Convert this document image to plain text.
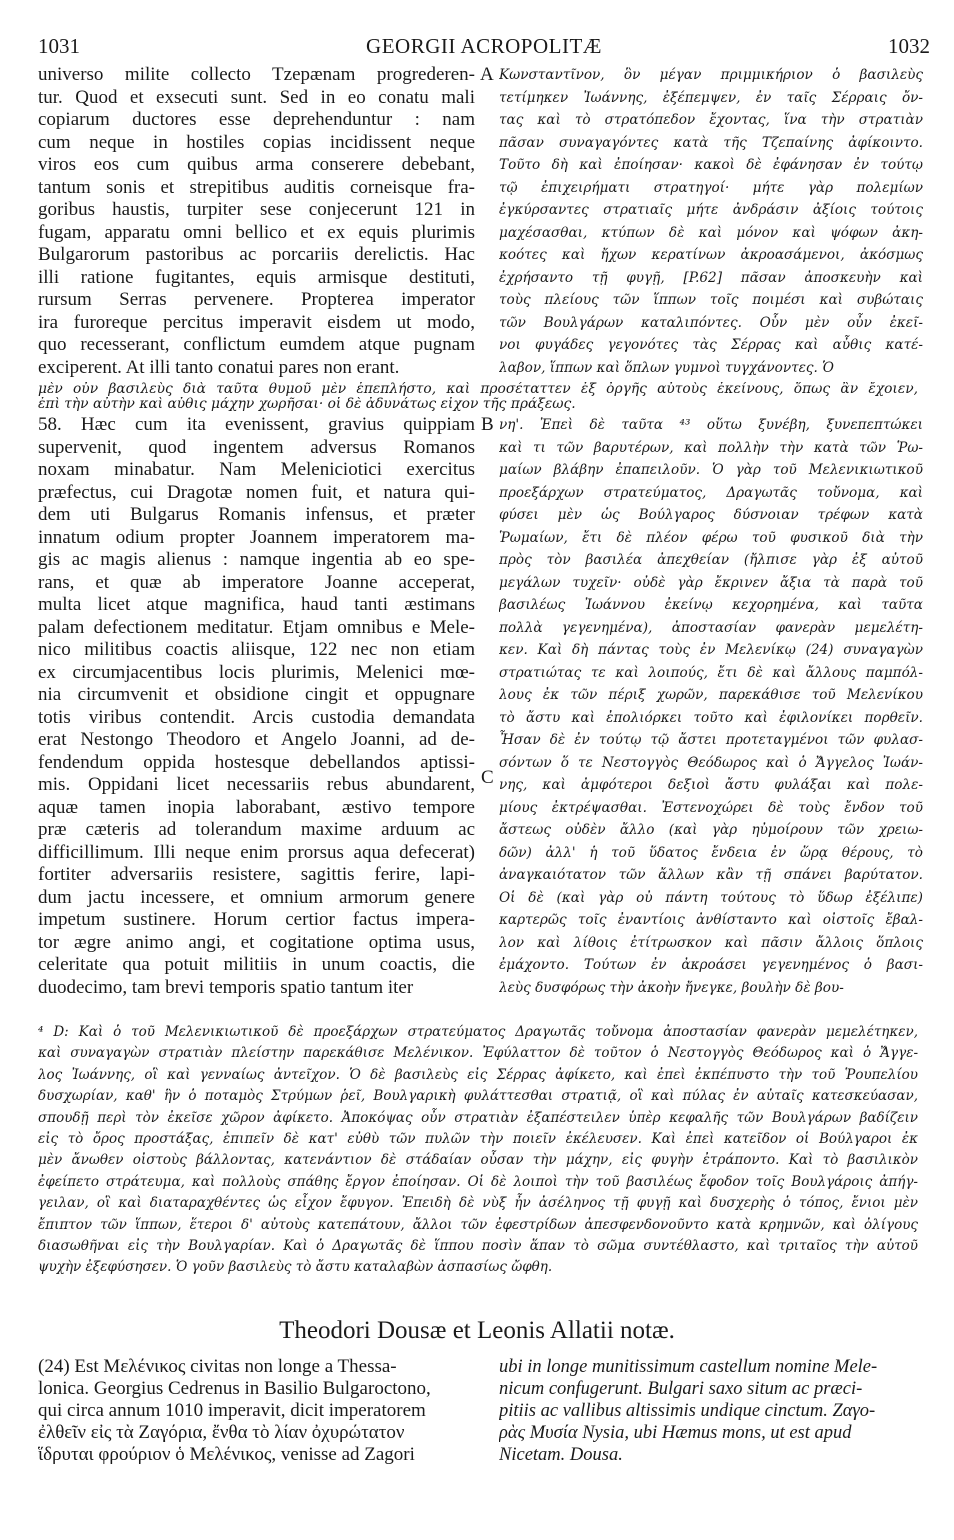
1031	GEORGII ACROPOLITÆ	1032
universo milite collecto Tzepænam progrederen-
tur. Quod et exsecuti sunt. Sed in eo conatu mali
copiarum ductores esse deprehenduntur : nam
cum neque in hostiles copias incidissent neque
viros eos cum quibus arma conserere debebant,
tantum sonis et strepitibus auditis corneisque fra-
goribus haustis, turpiter sese conjecerunt 121 in
fugam, apparatu omni bellico et ex equis plurimis
Bulgarorum pastoribus ac porcariis derelictis. Hac
illi ratione fugitantes, equis armisque destituti,
rursum Serras pervenere. Propterea imperator
ira furoreque percitus imperavit eisdem ut modo,
quo recesserant, conflictum eumdem atque pugnam
exciperent. At illi tanto conatui pares non erant.
Κωνσταντῖνον, ὃν μέγαν πριμμικήριον ὁ βασιλεὺς
τετίμηκεν Ἰωάννης, ἐξέπεμψεν, ἐν ταῖς Σέρραις ὄν-
τας καὶ τὸ στρατόπεδον ἔχοντας, ἵνα τὴν στρατιὰν
πᾶσαν συναγαγόντες κατὰ τῆς Τζεπαίνης ἀφίκοιντο.
Τοῦτο δὴ καὶ ἐποίησαν· κακοὶ δὲ ἐφάνησαν ἐν τούτῳ
τῷ ἐπιχειρήματι στρατηγοί· μήτε γὰρ πολεμίων
ἐγκύρσαντες στρατιαῖς μήτε ἀνδράσιν ἀξίοις τούτοις
μαχέσασθαι, κτύπων δὲ καὶ μόνον καὶ ψόφων ἀκη-
κοότες καὶ ἤχων κερατίνων ἀκροασάμενοι, ἀκόσμως
ἐχρήσαντο τῇ φυγῇ, [P.62] πᾶσαν ἀποσκευὴν καὶ
τοὺς πλείους τῶν ἵππων τοῖς ποιμέσι καὶ συβώταις
τῶν Βουλγάρων καταλιπόντες. Οὗν μὲν οὖν ἐκεῖ-
νοι φυγάδες γεγονότες τὰς Σέρρας καὶ αὖθις κατέ-
λαβον, ἵππων καὶ ὅπλων γυμνοὶ τυγχάνοντες. Ὁ
A
μὲν οὖν βασιλεὺς διὰ ταῦτα θυμοῦ μὲν ἐπεπλήστο, καὶ προσέταττεν ἐξ ὀργῆς αὐτοὺς ἐκείνους, ὅπως ἂν ἔχοιεν,
ἐπὶ τὴν αὐτὴν καὶ αὖθις μάχην χωρῆσαι· οἱ δὲ ἀδυνάτως εἶχον τῆς πράξεως.
58. Hæc cum ita evenissent, gravius quippiam
supervenit, quod ingentem adversus Romanos
noxam minabatur. Nam Meleniciotici exercitus
præfectus, cui Dragotæ nomen fuit, et natura qui-
dem uti Bulgarus Romanis infensus, et præter
innatum odium propter Joannem imperatorem ma-
gis ac magis alienus : namque ingentia ab eo spe-
rans, et quæ ab imperatore Joanne acceperat,
multa licet atque magnifica, haud tanti æstimans
palam defectionem meditatur. Etjam omnibus e Mele-
nico militibus coactis aliisque, 122 nec non etiam
ex circumjacentibus locis plurimis, Melenici mœ-
nia circumvenit et obsidione cingit et oppugnare
totis viribus contendit. Arcis custodia demandata
erat Nestongo Theodoro et Angelo Joanni, ad de-
fendendum oppida hostesque debellandos aptissi-
mis. Oppidani licet necessariis rebus abundarent,
aquæ tamen inopia laborabant, æstivo tempore
præ cæteris ad tolerandum maxime arduum ac
difficillimum. Illi neque enim prorsus aqua defecerat)
fortiter adversariis resistere, sagittis ferire, lapi-
dum jactu incessere, et omnium armorum genere
impetum sustinere. Horum certior factus impera-
tor ægre animo angi, et cogitatione optima usus,
celeritate qua potuit militiis in unum coactis, die
duodecimo, tam brevi temporis spatio tantum iter
νη'. Ἐπεὶ δὲ ταῦτα ⁴³ οὕτω ξυνέβη, ξυνεπεπτώκει
καὶ τι τῶν βαρυτέρων, καὶ πολλὴν τὴν κατὰ τῶν Ῥω-
μαίων βλάβην ἐπαπειλοῦν. Ὁ γὰρ τοῦ Μελενικιωτικοῦ
προεξάρχων στρατεύματος, Δραγωτᾶς τοὔνομα, καὶ
φύσει μὲν ὡς Βούλγαρος δύσνοιαν τρέφων κατὰ
Ῥωμαίων, ἔτι δὲ πλέον φέρω τοῦ φυσικοῦ διὰ τὴν
πρὸς τὸν βασιλέα ἀπεχθείαν (ἤλπισε γὰρ ἐξ αὐτοῦ
μεγάλων τυχεῖν· οὐδὲ γὰρ ἔκρινεν ἄξια τὰ παρὰ τοῦ
βασιλέως Ἰωάννου ἐκείνῳ κεχορημένα, καὶ ταῦτα
πολλὰ γεγενημένα), ἀποστασίαν φανερὰν μεμελέτη-
κεν. Καὶ δὴ πάντας τοὺς ἐν Μελενίκῳ (24) συναγαγὼν
στρατιώτας τε καὶ λοιπούς, ἔτι δὲ καὶ ἄλλους παμπόλ-
λους ἐκ τῶν πέριξ χωρῶν, παρεκάθισε τοῦ Μελενίκου
τὸ ἄστυ καὶ ἐπολιόρκει τοῦτο καὶ ἐφιλονίκει πορθεῖν.
Ἦσαν δὲ ἐν τούτῳ τῷ ἄστει προτεταγμένοι τῶν φυλασ-
σόντων ὅ τε Νεστογγὸς Θεόδωρος καὶ ὁ Ἄγγελος Ἰωάν-
νης, καὶ ἀμφότεροι δεξιοὶ ἄστυ φυλάξαι καὶ πολε-
μίους ἐκτρέψασθαι. Ἐστενοχώρει δὲ τοὺς ἔνδον τοῦ
ἄστεως οὐδὲν ἄλλο (καὶ γὰρ ηὐμοίρουν τῶν χρειω-
δῶν) ἀλλ' ἡ τοῦ ὕδατος ἔνδεια ἐν ὥρᾳ θέρους, τὸ
ἀναγκαιότατον τῶν ἄλλων κἂν τῇ σπάνει βαρύτατον.
Οἱ δὲ (καὶ γὰρ οὐ πάντη τούτους τὸ ὕδωρ ἐξέλιπε)
καρτερῶς τοῖς ἐναντίοις ἀνθίσταντο καὶ οἰστοῖς ἔβαλ-
λον καὶ λίθοις ἐτίτρωσκον καὶ πᾶσιν ἄλλοις ὅπλοις
ἐμάχοντο. Τούτων ἐν ἀκροάσει γεγενημένος ὁ βασι-
λεὺς δυσφόρως τὴν ἀκοὴν ἤνεγκε, βουλὴν δὲ βου-
B
C
⁴ D: Καὶ ὁ τοῦ Μελενικιωτικοῦ δὲ προεξάρχων στρατεύματος Δραγωτᾶς τοὔνομα ἀποστασίαν φανερὰν μεμελέτηκεν,
καὶ συναγαγὼν στρατιὰν πλείστην παρεκάθισε Μελένικον. Ἐφύλαττον δὲ τοῦτον ὁ Νεστογγὸς Θεόδωρος καὶ ὁ Ἄγγε-
λος Ἰωάννης, οἳ καὶ γενναίως ἀντεῖχον. Ὁ δὲ βασιλεὺς εἰς Σέρρας ἀφίκετο, καὶ ἐπεὶ ἐκπέπυστο τὴν τοῦ Ῥουπελίου
δυσχωρίαν, καθ' ἣν ὁ ποταμὸς Στρύμων ῥεῖ, Βουλγαρικὴ φυλάττεσθαι στρατιᾷ, οἳ καὶ πύλας ἐν αὐταῖς κατεσκεύασαν,
σπουδῇ περὶ τὸν ἐκεῖσε χῶρον ἀφίκετο. Ἀποκόψας οὖν στρατιὰν ἐξαπέστειλεν ὑπὲρ κεφαλῆς τῶν Βουλγάρων βαδίζειν
εἰς τὸ ὄρος προστάξας, ἐπιπεῖν δὲ κατ' εὐθὺ τῶν πυλῶν τὴν ποιεῖν ἐκέλευσεν. Καὶ ἐπεὶ κατεῖδον οἱ Βούλγαροι ἐκ
μὲν ἄνωθεν οἰστοὺς βάλλοντας, κατενάντιον δὲ στάδαίαν οὖσαν τὴν μάχην, εἰς φυγὴν ἐτράποντο. Καὶ τὸ βασιλικὸν
ἐφείπετο στράτευμα, καὶ πολλοὺς σπάθης ἔργον ἐποίησαν. Οἱ δὲ λοιποὶ τὴν τοῦ βασιλέως ἔφοδον τοῖς Βουλγάροις ἀπήγ-
γειλαν, οἳ καὶ διαταραχθέντες ὡς εἶχον ἔφυγον. Ἐπειδὴ δὲ νὺξ ἦν ἀσέληνος τῇ φυγῇ καὶ δυσχερὴς ὁ τόπος, ἔνιοι μὲν
ἔπιπτον τῶν ἵππων, ἕτεροι δ' αὐτοὺς κατεπάτουν, ἄλλοι τῶν ἐφεστρίδων ἀπεσφενδονοῦντο κατὰ κρημνῶν, καὶ ὀλίγους
διασωθῆναι εἰς τὴν Βουλγαρίαν. Καὶ ὁ Δραγωτᾶς δὲ ἵππου ποσὶν ἅπαν τὸ σῶμα συντέθλαστο, καὶ τριταῖος τὴν αὐτοῦ
ψυχὴν ἐξεφύσησεν. Ὁ γοῦν βασιλεὺς τὸ ἄστυ καταλαβὼν ἀσπασίως ὤφθη.
Theodori Dousæ et Leonis Allatii notæ.
(24) Est Μελένικος civitas non longe a Thessa-
lonica. Georgius Cedrenus in Basilio Bulgaroctono,
qui circa annum 1010 imperavit, dicit imperatorem
ἐλθεῖν εἰς τὰ Ζαγόρια, ἔνθα τὸ λίαν ὀχυρώτατον
ἵδρυται φρούριον ὁ Μελένικος, venisse ad Zagori
ubi in longe munitissimum castellum nomine Mele-
nicum confugerunt. Bulgari saxo situm ac præci-
pitiis ac vallibus altissimis undique cinctum. Ζαγο-
ρὰς Μυσία Nysia, ubi Hæmus mons, ut est apud
Nicetam. Dousa.
